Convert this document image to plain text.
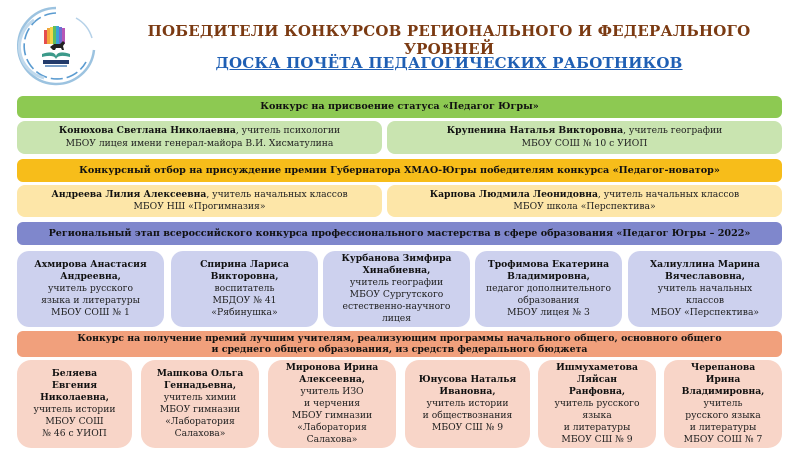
ПОБЕДИТЕЛИ КОНКУРСОВ РЕГИОНАЛЬНОГО И ФЕДЕРАЛЬНОГО УРОВНЕЙ
ДОСКА ПОЧЁТА ПЕДАГОГИЧЕСКИХ РАБОТНИКОВ
Конкурс на присвоение статуса «Педагог Югры»
Конюхова Светлана Николаевна, учитель психологии
МБОУ лицея имени генерал-майора В.И. Хисматулина
Крупенина Наталья Викторовна, учитель географии
МБОУ СОШ № 10 с УИОП
Конкурсный отбор на присуждение премии Губернатора ХМАО-Югры победителям конкурса «Педагог-новатор»
Андреева Лилия Алексеевна, учитель начальных классов
МБОУ НШ «Прогимназия»
Карпова Людмила Леонидовна, учитель начальных классов
МБОУ школа «Перспектива»
Региональный этап всероссийского конкурса профессионального мастерства в сфере образования «Педагог Югры – 2022»
Ахмирова Анастасия
Андреевна,
учитель русского
языка и литературы
МБОУ СОШ № 1
Спирина Лариса
Викторовна,
воспитатель
МБДОУ № 41
«Рябинушка»
Курбанова Зимфира
Хинабиевна,
учитель географии
МБОУ Сургутского
естественно-научного
лицея
Трофимова Екатерина
Владимировна,
педагог дополнительного
образования
МБОУ лицея № 3
Халиуллина Марина
Вячеславовна,
учитель начальных
классов
МБОУ «Перспектива»
Конкурс на получение премий лучшим учителям, реализующим программы начального общего, основного общего
и среднего общего образования, из средств федерального бюджета
Беляева
Евгения
Николаевна,
учитель истории
МБОУ СОШ
№ 46 с УИОП
Машкова Ольга
Геннадьевна,
учитель химии
МБОУ гимназии
«Лаборатория
Салахова»
Миронова Ирина
Алексеевна,
учитель ИЗО
и черчения
МБОУ гимназии
«Лаборатория
Салахова»
Юнусова Наталья
Ивановна,
учитель истории
и обществознания
МБОУ СШ № 9
Ишмухаметова
Ляйсан
Ранфовна,
учитель русского
языка
и литературы
МБОУ СШ № 9
Черепанова
Ирина
Владимировна,
учитель
русского языка
и литературы
МБОУ СОШ № 7
